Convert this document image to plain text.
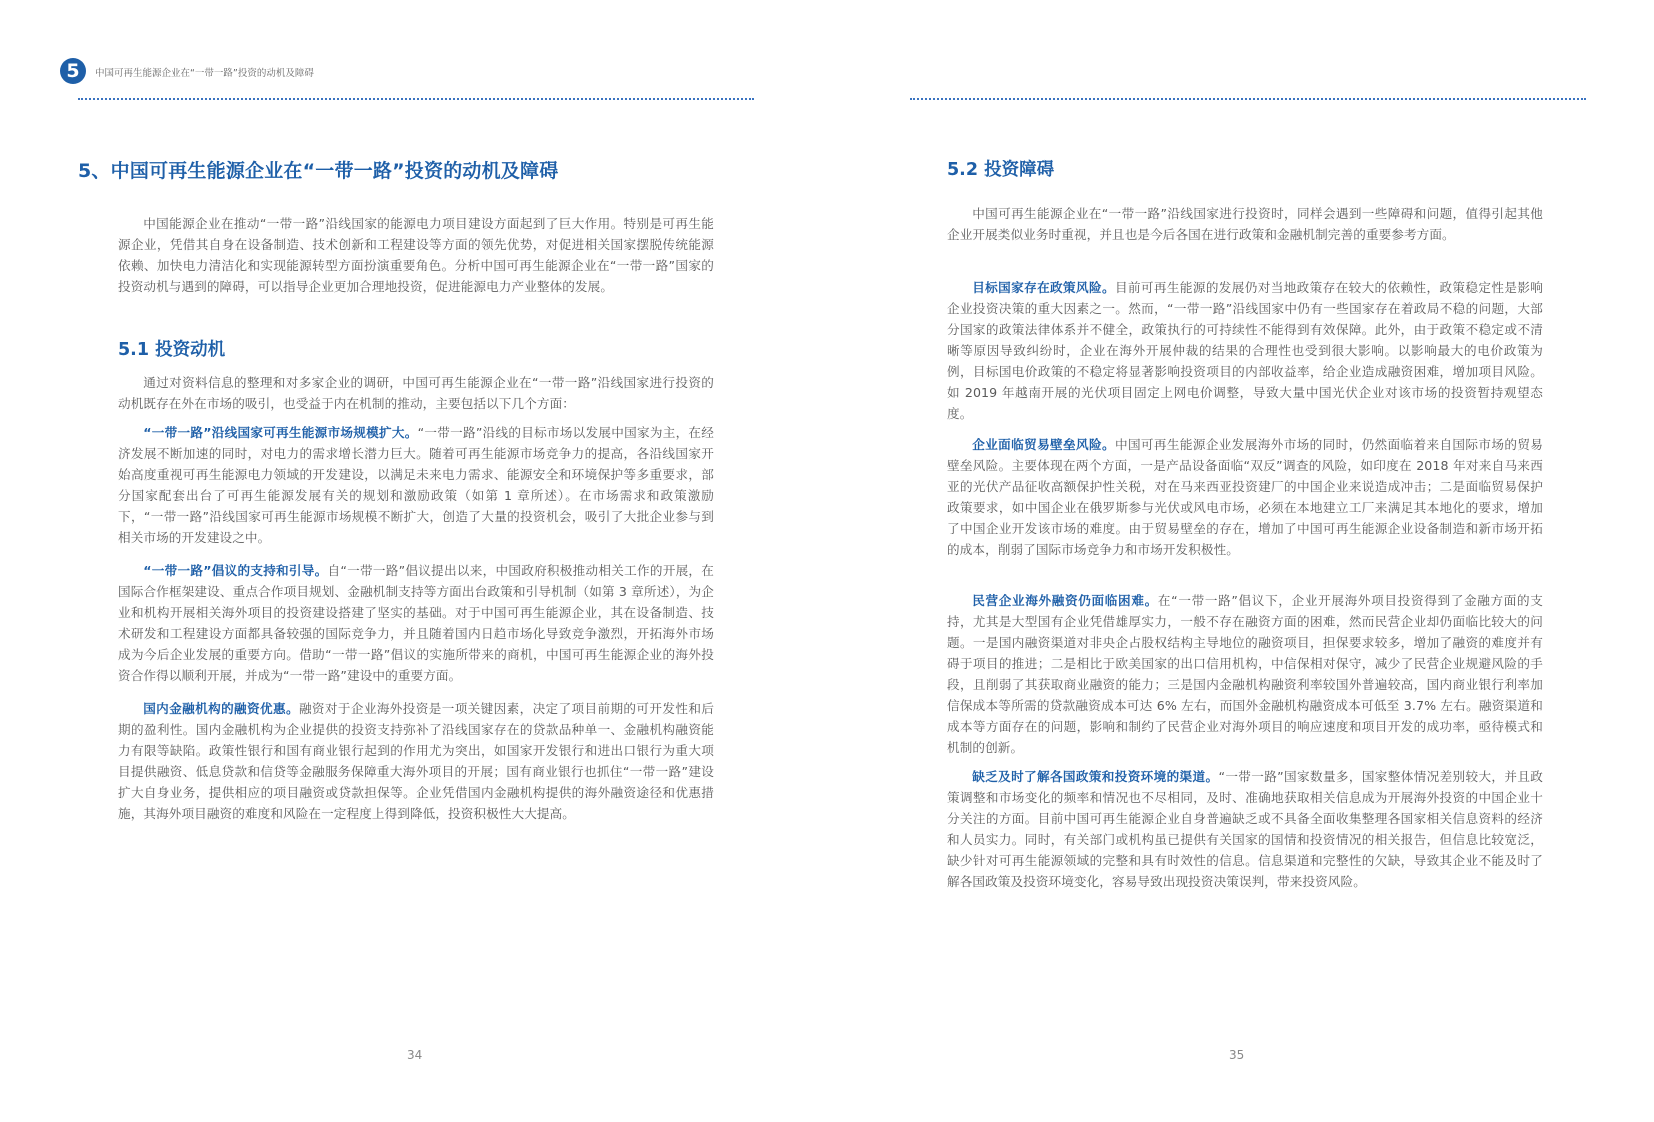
5	中国可再生能源企业在“一带一路”投资的动机及障碍
5、中国可再生能源企业在“一带一路”投资的动机及障碍

中国能源企业在推动“一带一路”沿线国家的能源电力项目建设方面起到了巨大作用。特别是可再生能源企业，凭借其自身在设备制造、技术创新和工程建设等方面的领先优势，对促进相关国家摆脱传统能源依赖、加快电力清洁化和实现能源转型方面扮演重要角色。分析中国可再生能源企业在“一带一路”国家的投资动机与遇到的障碍，可以指导企业更加合理地投资，促进能源电力产业整体的发展。

5.1 投资动机

通过对资料信息的整理和对多家企业的调研，中国可再生能源企业在“一带一路”沿线国家进行投资的动机既存在外在市场的吸引，也受益于内在机制的推动，主要包括以下几个方面：

“一带一路”沿线国家可再生能源市场规模扩大。“一带一路”沿线的目标市场以发展中国家为主，在经济发展不断加速的同时，对电力的需求增长潜力巨大。随着可再生能源市场竞争力的提高，各沿线国家开始高度重视可再生能源电力领域的开发建设，以满足未来电力需求、能源安全和环境保护等多重要求，部分国家配套出台了可再生能源发展有关的规划和激励政策（如第 1 章所述）。在市场需求和政策激励下，“一带一路”沿线国家可再生能源市场规模不断扩大，创造了大量的投资机会，吸引了大批企业参与到相关市场的开发建设之中。

“一带一路”倡议的支持和引导。自“一带一路”倡议提出以来，中国政府积极推动相关工作的开展，在国际合作框架建设、重点合作项目规划、金融机制支持等方面出台政策和引导机制（如第 3 章所述），为企业和机构开展相关海外项目的投资建设搭建了坚实的基础。对于中国可再生能源企业，其在设备制造、技术研发和工程建设方面都具备较强的国际竞争力，并且随着国内日趋市场化导致竞争激烈，开拓海外市场成为今后企业发展的重要方向。借助“一带一路”倡议的实施所带来的商机，中国可再生能源企业的海外投资合作得以顺利开展，并成为“一带一路”建设中的重要方面。

国内金融机构的融资优惠。融资对于企业海外投资是一项关键因素，决定了项目前期的可开发性和后期的盈利性。国内金融机构为企业提供的投资支持弥补了沿线国家存在的贷款品种单一、金融机构融资能力有限等缺陷。政策性银行和国有商业银行起到的作用尤为突出，如国家开发银行和进出口银行为重大项目提供融资、低息贷款和信贷等金融服务保障重大海外项目的开展；国有商业银行也抓住“一带一路”建设扩大自身业务，提供相应的项目融资或贷款担保等。企业凭借国内金融机构提供的海外融资途径和优惠措施，其海外项目融资的难度和风险在一定程度上得到降低，投资积极性大大提高。

34
5.2 投资障碍

中国可再生能源企业在“一带一路”沿线国家进行投资时，同样会遇到一些障碍和问题，值得引起其他企业开展类似业务时重视，并且也是今后各国在进行政策和金融机制完善的重要参考方面。

目标国家存在政策风险。目前可再生能源的发展仍对当地政策存在较大的依赖性，政策稳定性是影响企业投资决策的重大因素之一。然而，“一带一路”沿线国家中仍有一些国家存在着政局不稳的问题，大部分国家的政策法律体系并不健全，政策执行的可持续性不能得到有效保障。此外，由于政策不稳定或不清晰等原因导致纠纷时，企业在海外开展仲裁的结果的合理性也受到很大影响。以影响最大的电价政策为例，目标国电价政策的不稳定将显著影响投资项目的内部收益率，给企业造成融资困难，增加项目风险。如 2019 年越南开展的光伏项目固定上网电价调整，导致大量中国光伏企业对该市场的投资暂持观望态度。

企业面临贸易壁垒风险。中国可再生能源企业发展海外市场的同时，仍然面临着来自国际市场的贸易壁垒风险。主要体现在两个方面，一是产品设备面临“双反”调查的风险，如印度在 2018 年对来自马来西亚的光伏产品征收高额保护性关税，对在马来西亚投资建厂的中国企业来说造成冲击；二是面临贸易保护政策要求，如中国企业在俄罗斯参与光伏或风电市场，必须在本地建立工厂来满足其本地化的要求，增加了中国企业开发该市场的难度。由于贸易壁垒的存在，增加了中国可再生能源企业设备制造和新市场开拓的成本，削弱了国际市场竞争力和市场开发积极性。

民营企业海外融资仍面临困难。在“一带一路”倡议下，企业开展海外项目投资得到了金融方面的支持，尤其是大型国有企业凭借雄厚实力，一般不存在融资方面的困难，然而民营企业却仍面临比较大的问题。一是国内融资渠道对非央企占股权结构主导地位的融资项目，担保要求较多，增加了融资的难度并有碍于项目的推进；二是相比于欧美国家的出口信用机构，中信保相对保守，减少了民营企业规避风险的手段，且削弱了其获取商业融资的能力；三是国内金融机构融资利率较国外普遍较高，国内商业银行利率加信保成本等所需的贷款融资成本可达 6% 左右，而国外金融机构融资成本可低至 3.7% 左右。融资渠道和成本等方面存在的问题，影响和制约了民营企业对海外项目的响应速度和项目开发的成功率，亟待模式和机制的创新。

缺乏及时了解各国政策和投资环境的渠道。“一带一路”国家数量多，国家整体情况差别较大，并且政策调整和市场变化的频率和情况也不尽相同，及时、准确地获取相关信息成为开展海外投资的中国企业十分关注的方面。目前中国可再生能源企业自身普遍缺乏或不具备全面收集整理各国家相关信息资料的经济和人员实力。同时，有关部门或机构虽已提供有关国家的国情和投资情况的相关报告，但信息比较宽泛，缺少针对可再生能源领域的完整和具有时效性的信息。信息渠道和完整性的欠缺，导致其企业不能及时了解各国政策及投资环境变化，容易导致出现投资决策误判，带来投资风险。

35
